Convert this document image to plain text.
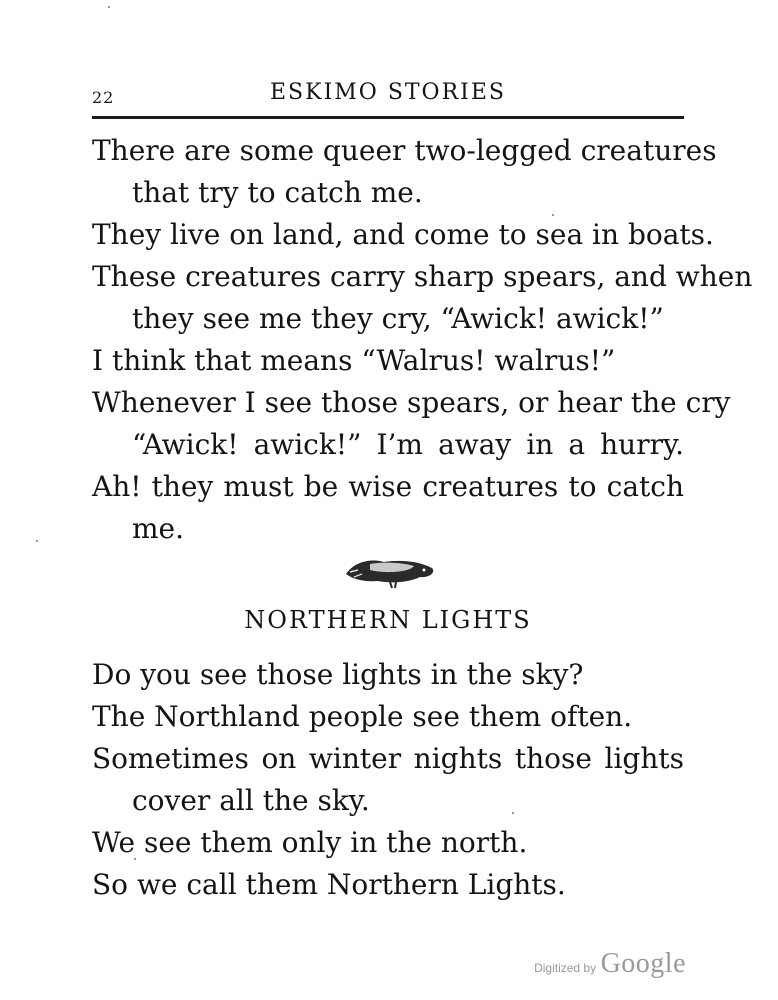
22	ESKIMO STORIES
There are some queer two-legged creatures
that try to catch me.
They live on land, and come to sea in boats.
These creatures carry sharp spears, and when
they see me they cry, “Awick! awick!”
I think that means “Walrus! walrus!”
Whenever I see those spears, or hear the cry
“Awick! awick!” I’m away in a hurry.
Ah! they must be wise creatures to catch
me.
NORTHERN LIGHTS
Do you see those lights in the sky?
The Northland people see them often.
Sometimes on winter nights those lights
cover all the sky.
We see them only in the north.
So we call them Northern Lights.
Digitized by Google
